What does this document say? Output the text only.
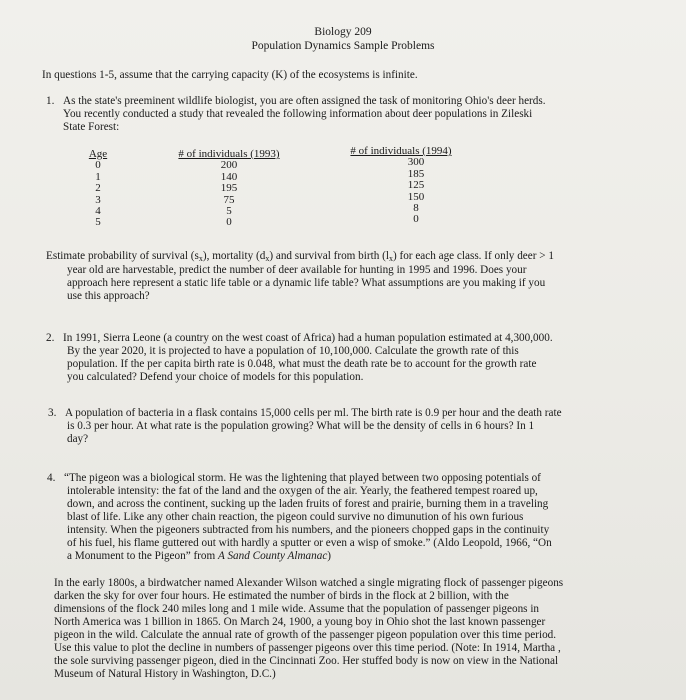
Biology 209
Population Dynamics Sample Problems
In questions 1-5, assume that the carrying capacity (K) of the ecosystems is infinite.
1. As the state's preeminent wildlife biologist, you are often assigned the task of monitoring Ohio's deer herds.
You recently conducted a study that revealed the following information about deer populations in Zileski
State Forest:
Age
0
1
2
3
4
5
# of individuals (1993)
200
140
195
75
5
0
# of individuals (1994)
300
185
125
150
8
0
Estimate probability of survival $(s_x)$, mortality $(d_x)$ and survival from birth $(l_x)$ for each age class. If only deer > 1
year old are harvestable, predict the number of deer available for hunting in 1995 and 1996. Does your
approach here represent a static life table or a dynamic life table? What assumptions are you making if you
use this approach?
2. In 1991, Sierra Leone (a country on the west coast of Africa) had a human population estimated at 4,300,000.
By the year 2020, it is projected to have a population of 10,100,000. Calculate the growth rate of this
population. If the per capita birth rate is 0.048, what must the death rate be to account for the growth rate
you calculated? Defend your choice of models for this population.
3. A population of bacteria in a flask contains 15,000 cells per ml. The birth rate is 0.9 per hour and the death rate
is 0.3 per hour. At what rate is the population growing? What will be the density of cells in 6 hours? In 1
day?
4. “The pigeon was a biological storm. He was the lightening that played between two opposing potentials of
intolerable intensity: the fat of the land and the oxygen of the air. Yearly, the feathered tempest roared up,
down, and across the continent, sucking up the laden fruits of forest and prairie, burning them in a traveling
blast of life. Like any other chain reaction, the pigeon could survive no dimunution of his own furious
intensity. When the pigeoners subtracted from his numbers, and the pioneers chopped gaps in the continuity
of his fuel, his flame guttered out with hardly a sputter or even a wisp of smoke.” (Aldo Leopold, 1966, “On
a Monument to the Pigeon” from A Sand County Almanac)
In the early 1800s, a birdwatcher named Alexander Wilson watched a single migrating flock of passenger pigeons
darken the sky for over four hours. He estimated the number of birds in the flock at 2 billion, with the
dimensions of the flock 240 miles long and 1 mile wide. Assume that the population of passenger pigeons in
North America was 1 billion in 1865. On March 24, 1900, a young boy in Ohio shot the last known passenger
pigeon in the wild. Calculate the annual rate of growth of the passenger pigeon population over this time period.
Use this value to plot the decline in numbers of passenger pigeons over this time period. (Note: In 1914, Martha ,
the sole surviving passenger pigeon, died in the Cincinnati Zoo. Her stuffed body is now on view in the National
Museum of Natural History in Washington, D.C.)
